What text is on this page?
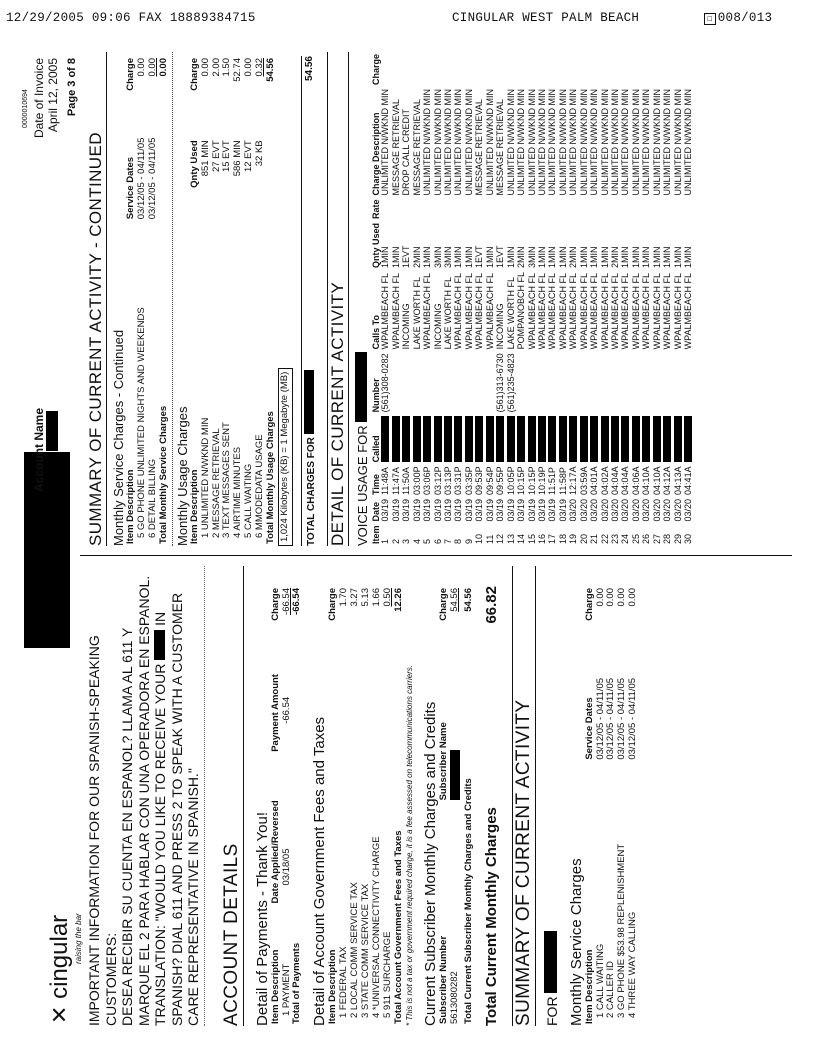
12/29/2005 09:06 FAX 18889384715	CINGULAR WEST PALM BEACH	☐ 008/013
✕ cingular raising the bar
Account Name

Date of Invoice April 12, 2005 Page 3 of 8
0000010694
IMPORTANT INFORMATION FOR OUR SPANISH-SPEAKING CUSTOMERS: DESEA RECIBIR SU CUENTA EN ESPANOL? LLAMA AL 611 Y MARQUE EL 2 PARA HABLAR CON UNA OPERADORA EN ESPANOL. TRANSLATION: "WOULD YOU LIKE TO RECEIVE YOUR  IN SPANISH? DIAL 611 AND PRESS 2 TO SPEAK WITH A CUSTOMER CARE REPRESENTATIVE IN SPANISH." ACCOUNT DETAILS Detail of Payments - Thank You! Item Description	Date Applied/Reversed	Payment Amount	Charge
1 PAYMENT	03/18/05	-66.54	-66.54
Total of Payments			-66.54
Detail of Account Government Fees and Taxes Item Description	Charge
1 FEDERAL TAX	1.70
2 LOCAL COMM SERVICE TAX	3.27
3 STATE COMM SERVICE TAX	5.13
4 *UNIVERSAL CONNECTIVITY CHARGE	1.66
5 911 SURCHARGE	0.50
Total Account Government Fees and Taxes	12.26
* This is not a tax or government required charge, it is a fee assessed on telecommunications carriers. Current Subscriber Monthly Charges and Credits Subscriber Number	Subscriber Name	Charge
5613080282		54.56
Total Current Subscriber Monthly Charges and Credits		54.56
Total Current Monthly Charges
66.82
SUMMARY OF CURRENT ACTIVITY FOR Monthly Service Charges Item Description	Service Dates	Charge
1 CALL WAITING	03/12/05 - 04/11/05	0.00
2 CALLER ID	03/12/05 - 04/11/05	0.00
3 GO PHONE $53.98 REPLENISHMENT	03/12/05 - 04/11/05	0.00
4 THREE WAY CALLING	03/12/05 - 04/11/05	0.00
SUMMARY OF CURRENT ACTIVITY - CONTINUED Monthly Service Charges - Continued Item Description	Service Dates	Charge
5 GO PHONE UNLIMITED NIGHTS AND WEEKENDS	03/12/05 - 04/11/05	0.00
6 DETAIL BILLING	03/12/05 - 04/11/05	0.00
Total Monthly Service Charges		0.00
Monthly Usage Charges Item Description	Qnty Used	Charge
1 UNLIMITED N/WKND MIN	851 MIN	0.00
2 MESSAGE RETRIEVAL	27 EVT	2.00
3 TEXT MESSAGES SENT	15 EVT	1.50
4 AIRTIME MINUTES	586 MIN	52.74
5 CALL WAITING	12 EVT	0.00
6 MMODEDATA USAGE	32 KB	0.32
Total Monthly Usage Charges		54.56
1,024 Kilobytes (KB) = 1 Megabyte (MB) TOTAL CHARGES FOR
54.56
DETAIL OF CURRENT ACTIVITY VOICE USAGE FOR Item	Date	Time	Called	Number	Calls To	Qnty Used	Rate	Charge Description	Charge
1	03/19	11:48A		(561)308-0282	WPALMBEACH FL	1MIN		UNLIMITED N/WKND MIN	
2	03/19	11:47A			WPALMBEACH FL	1MIN		MESSAGE RETRIEVAL	
3	03/19	11:50A			INCOMING	1EVT		DROP CALL CREDIT	
4	03/19	03:00P			LAKE WORTH FL	2MIN		MESSAGE RETRIEVAL	
5	03/19	03:06P			WPALMBEACH FL	1MIN		UNLIMITED N/WKND MIN	
6	03/19	03:12P			INCOMING	3MIN		UNLIMITED N/WKND MIN	
7	03/19	03:13P			LAKE WORTH FL	3MIN		UNLIMITED N/WKND MIN	
8	03/19	03:31P			WPALMBEACH FL	1MIN		UNLIMITED N/WKND MIN	
9	03/19	03:35P			WPALMBEACH FL	1MIN		UNLIMITED N/WKND MIN	
10	03/19	09:53P			WPALMBEACH FL	1EVT		MESSAGE RETRIEVAL	
11	03/19	09:54P			WPALMBEACH FL	1MIN		UNLIMITED N/WKND MIN	
12	03/19	09:55P		(561)313-6730	INCOMING	1EVT		MESSAGE RETRIEVAL	
13	03/19	10:05P		(561)235-4823	LAKE WORTH FL	1MIN		UNLIMITED N/WKND MIN	
14	03/19	10:15P			POMPANOBCH FL	2MIN		UNLIMITED N/WKND MIN	
15	03/19	10:15P			WPALMBEACH FL	3MIN		UNLIMITED N/WKND MIN	
16	03/19	10:19P			WPALMBEACH FL	1MIN		UNLIMITED N/WKND MIN	
17	03/19	11:51P			WPALMBEACH FL	1MIN		UNLIMITED N/WKND MIN	
18	03/19	11:58P			WPALMBEACH FL	1MIN		UNLIMITED N/WKND MIN	
19	03/20	12:17A			WPALMBEACH FL	2MIN		UNLIMITED N/WKND MIN	
20	03/20	03:59A			WPALMBEACH FL	1MIN		UNLIMITED N/WKND MIN	
21	03/20	04:01A			WPALMBEACH FL	1MIN		UNLIMITED N/WKND MIN	
22	03/20	04:02A			WPALMBEACH FL	1MIN		UNLIMITED N/WKND MIN	
23	03/20	04:04A			WPALMBEACH FL	2MIN		UNLIMITED N/WKND MIN	
24	03/20	04:04A			WPALMBEACH FL	1MIN		UNLIMITED N/WKND MIN	
25	03/20	04:06A			WPALMBEACH FL	1MIN		UNLIMITED N/WKND MIN	
26	03/20	04:10A			WPALMBEACH FL	1MIN		UNLIMITED N/WKND MIN	
27	03/20	04:10A			WPALMBEACH FL	1MIN		UNLIMITED N/WKND MIN	
28	03/20	04:12A			WPALMBEACH FL	1MIN		UNLIMITED N/WKND MIN	
29	03/20	04:13A			WPALMBEACH FL	1MIN		UNLIMITED N/WKND MIN	
30	03/20	04:41A			WPALMBEACH FL	1MIN		UNLIMITED N/WKND MIN	
